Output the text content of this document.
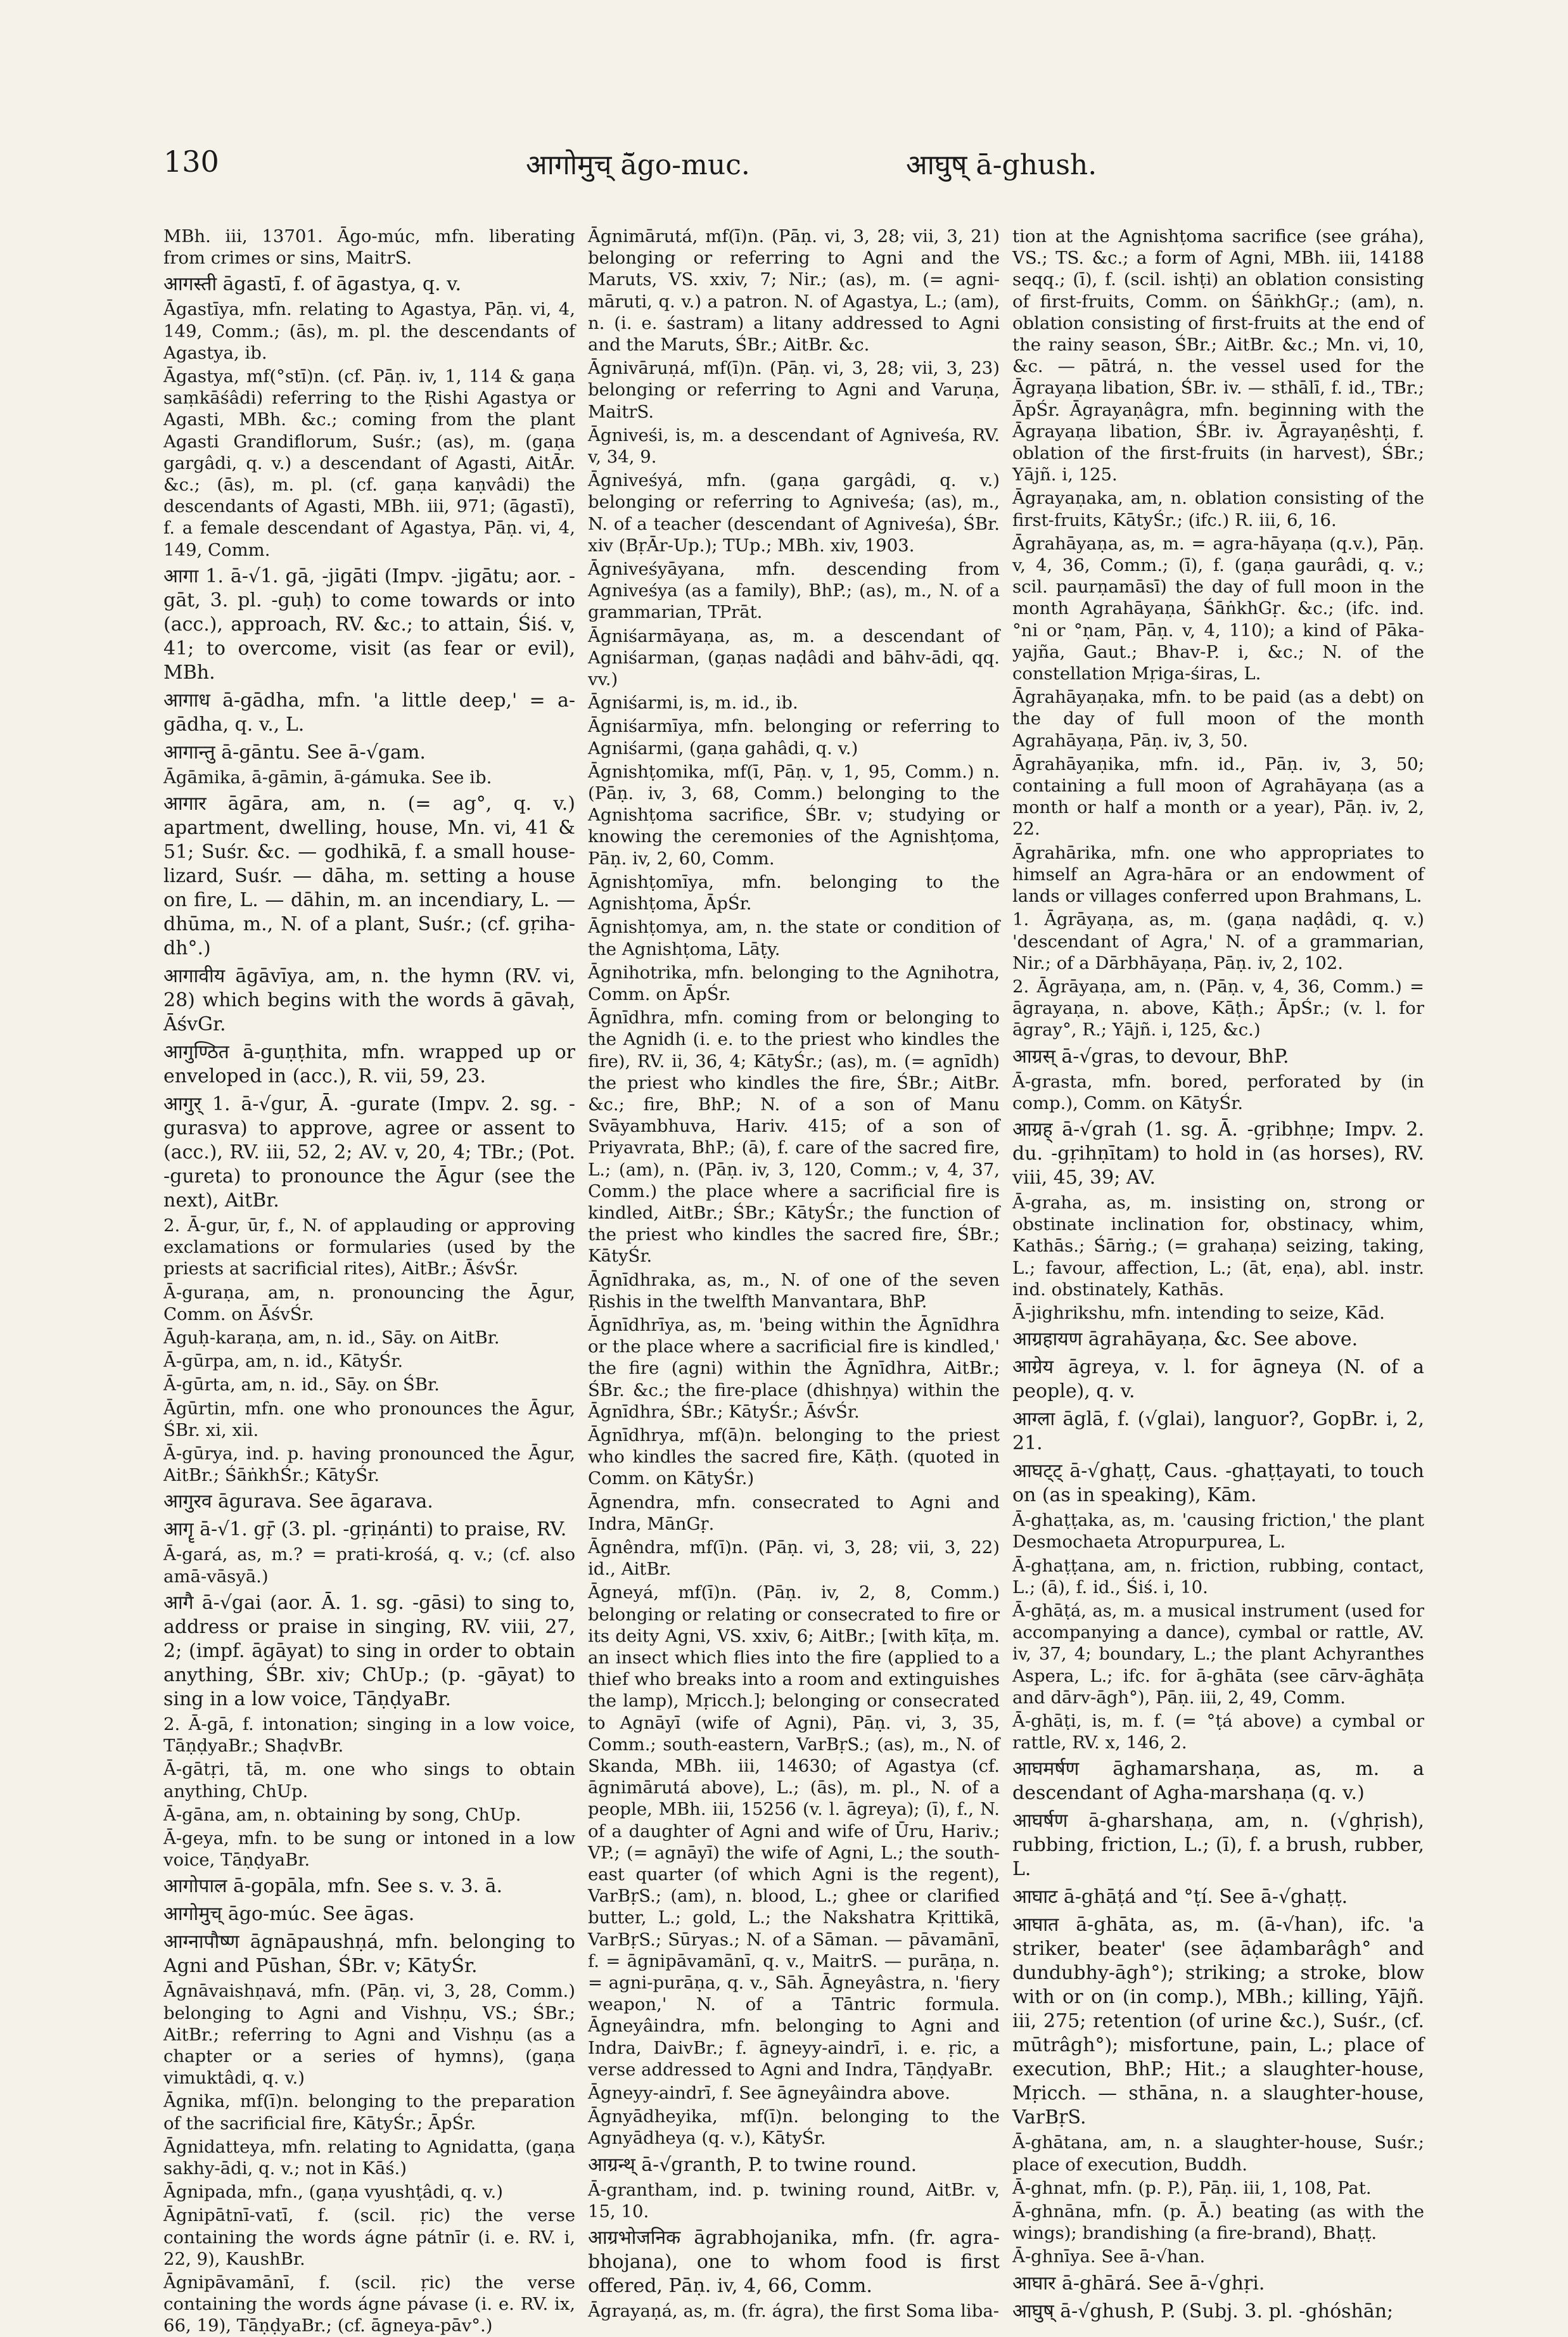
130	आगोमुच् ā̆go-muc.	आघुष् ā-ghush.

MBh. iii, 13701. Āgo-múc, mfn. liberating from crimes or sins, MaitrS.

आगस्ती āgastī, f. of āgastya, q. v.

Āgastīya, mfn. relating to Agastya, Pāṇ. vi, 4, 149, Comm.; (ās), m. pl. the descendants of Agastya, ib.

Āgastya, mf(°stī)n. (cf. Pāṇ. iv, 1, 114 & gaṇa saṃkāśâdi) referring to the Ṛishi Agastya or Agasti, MBh. &c.; coming from the plant Agasti Grandiflorum, Suśr.; (as), m. (gaṇa gargâdi, q. v.) a descendant of Agasti, AitĀr. &c.; (ās), m. pl. (cf. gaṇa kaṇvâdi) the descendants of Agasti, MBh. iii, 971; (āgastī), f. a female descendant of Agastya, Pāṇ. vi, 4, 149, Comm.

आगा 1. ā-√1. gā, -jigāti (Impv. -jigātu; aor. -gāt, 3. pl. -guḥ) to come towards or into (acc.), approach, RV. &c.; to attain, Śiś. v, 41; to overcome, visit (as fear or evil), MBh.

आगाध ā-gādha, mfn. 'a little deep,' = a-gādha, q. v., L.

आगान्तु ā-gāntu. See ā-√gam.

Āgāmika, ā-gāmin, ā-gámuka. See ib.

आगार āgāra, am, n. (= ag°, q. v.) apartment, dwelling, house, Mn. vi, 41 & 51; Suśr. &c. — godhikā, f. a small house-lizard, Suśr. — dāha, m. setting a house on fire, L. — dāhin, m. an incendiary, L. — dhūma, m., N. of a plant, Suśr.; (cf. gṛiha-dh°.)

आगावीय āgāvīya, am, n. the hymn (RV. vi, 28) which begins with the words ā gāvaḥ, ĀśvGr.

आगुण्ठित ā-guṇṭhita, mfn. wrapped up or enveloped in (acc.), R. vii, 59, 23.

आगुर् 1. ā-√gur, Ā. -gurate (Impv. 2. sg. -gurasva) to approve, agree or assent to (acc.), RV. iii, 52, 2; AV. v, 20, 4; TBr.; (Pot. -gureta) to pronounce the Āgur (see the next), AitBr.

2. Ā-gur, ūr, f., N. of applauding or approving exclamations or formularies (used by the priests at sacrificial rites), AitBr.; ĀśvŚr.

Ā-guraṇa, am, n. pronouncing the Āgur, Comm. on ĀśvŚr.

Āguḥ-karaṇa, am, n. id., Sāy. on AitBr.

Ā-gūrpa, am, n. id., KātyŚr.

Ā-gūrta, am, n. id., Sāy. on ŚBr.

Āgūrtin, mfn. one who pronounces the Āgur, ŚBr. xi, xii.

Ā-gūrya, ind. p. having pronounced the Āgur, AitBr.; ŚāṅkhŚr.; KātyŚr.

आगुरव āgurava. See āgarava.

आगॄ ā-√1. gṝ (3. pl. -gṛiṇánti) to praise, RV.

Ā-gará, as, m.? = prati-krośá, q. v.; (cf. also amā-vāsyā.)

आगै ā-√gai (aor. Ā. 1. sg. -gāsi) to sing to, address or praise in singing, RV. viii, 27, 2; (impf. āgāyat) to sing in order to obtain anything, ŚBr. xiv; ChUp.; (p. -gāyat) to sing in a low voice, TāṇḍyaBr.

2. Ā-gā, f. intonation; singing in a low voice, TāṇḍyaBr.; ShaḍvBr.

Ā-gātṛi, tā, m. one who sings to obtain anything, ChUp.

Ā-gāna, am, n. obtaining by song, ChUp.

Ā-geya, mfn. to be sung or intoned in a low voice, TāṇḍyaBr.

आगोपाल ā-gopāla, mfn. See s. v. 3. ā.

आगोमुच् āgo-múc. See āgas.

आग्नापौष्ण āgnāpaushṇá, mfn. belonging to Agni and Pūshan, ŚBr. v; KātyŚr.

Āgnāvaishṇavá, mfn. (Pāṇ. vi, 3, 28, Comm.) belonging to Agni and Vishṇu, VS.; ŚBr.; AitBr.; referring to Agni and Vishṇu (as a chapter or a series of hymns), (gaṇa vimuktâdi, q. v.)

Āgnika, mf(ī)n. belonging to the preparation of the sacrificial fire, KātyŚr.; ĀpŚr.

Āgnidatteya, mfn. relating to Agnidatta, (gaṇa sakhy-ādi, q. v.; not in Kāś.)

Āgnipada, mfn., (gaṇa vyushṭâdi, q. v.)

Āgnipātnī-vatī, f. (scil. ṛic) the verse containing the words ágne pátnīr (i. e. RV. i, 22, 9), KaushBr.

Āgnipāvamānī, f. (scil. ṛic) the verse containing the words ágne pávase (i. e. RV. ix, 66, 19), TāṇḍyaBr.; (cf. āgneya-pāv°.)

Āgnimārutá, mf(ī)n. (Pāṇ. vi, 3, 28; vii, 3, 21) belonging or referring to Agni and the Maruts, VS. xxiv, 7; Nir.; (as), m. (= agni-māruti, q. v.) a patron. N. of Agastya, L.; (am), n. (i. e. śastram) a litany addressed to Agni and the Maruts, ŚBr.; AitBr. &c.

Āgnivāruṇá, mf(ī)n. (Pāṇ. vi, 3, 28; vii, 3, 23) belonging or referring to Agni and Varuṇa, MaitrS.

Āgniveśi, is, m. a descendant of Agniveśa, RV. v, 34, 9.

Āgniveśyá, mfn. (gaṇa gargâdi, q. v.) belonging or referring to Agniveśa; (as), m., N. of a teacher (descendant of Agniveśa), ŚBr. xiv (BṛĀr-Up.); TUp.; MBh. xiv, 1903.

Āgniveśyāyana, mfn. descending from Agniveśya (as a family), BhP.; (as), m., N. of a grammarian, TPrāt.

Āgniśarmāyaṇa, as, m. a descendant of Agniśarman, (gaṇas naḍâdi and bāhv-ādi, qq. vv.)

Āgniśarmi, is, m. id., ib.

Āgniśarmīya, mfn. belonging or referring to Agniśarmi, (gaṇa gahâdi, q. v.)

Āgnishṭomika, mf(ī, Pāṇ. v, 1, 95, Comm.) n. (Pāṇ. iv, 3, 68, Comm.) belonging to the Agnishṭoma sacrifice, ŚBr. v; studying or knowing the ceremonies of the Agnishṭoma, Pāṇ. iv, 2, 60, Comm.

Āgnishṭomīya, mfn. belonging to the Agnishṭoma, ĀpŚr.

Āgnishṭomya, am, n. the state or condition of the Agnishṭoma, Lāṭy.

Āgnihotrika, mfn. belonging to the Agnihotra, Comm. on ĀpŚr.

Āgnīdhra, mfn. coming from or belonging to the Agnidh (i. e. to the priest who kindles the fire), RV. ii, 36, 4; KātyŚr.; (as), m. (= agnīdh) the priest who kindles the fire, ŚBr.; AitBr. &c.; fire, BhP.; N. of a son of Manu Svāyambhuva, Hariv. 415; of a son of Priyavrata, BhP.; (ā), f. care of the sacred fire, L.; (am), n. (Pāṇ. iv, 3, 120, Comm.; v, 4, 37, Comm.) the place where a sacrificial fire is kindled, AitBr.; ŚBr.; KātyŚr.; the function of the priest who kindles the sacred fire, ŚBr.; KātyŚr.

Āgnīdhraka, as, m., N. of one of the seven Ṛishis in the twelfth Manvantara, BhP.

Āgnīdhrīya, as, m. 'being within the Āgnīdhra or the place where a sacrificial fire is kindled,' the fire (agni) within the Āgnīdhra, AitBr.; ŚBr. &c.; the fire-place (dhishṇya) within the Āgnīdhra, ŚBr.; KātyŚr.; ĀśvŚr.

Āgnīdhrya, mf(ā)n. belonging to the priest who kindles the sacred fire, Kāṭh. (quoted in Comm. on KātyŚr.)

Āgnendra, mfn. consecrated to Agni and Indra, MānGṛ.

Āgnêndra, mf(ī)n. (Pāṇ. vi, 3, 28; vii, 3, 22) id., AitBr.

Āgneyá, mf(ī)n. (Pāṇ. iv, 2, 8, Comm.) belonging or relating or consecrated to fire or its deity Agni, VS. xxiv, 6; AitBr.; [with kīṭa, m. an insect which flies into the fire (applied to a thief who breaks into a room and extinguishes the lamp), Mṛicch.]; belonging or consecrated to Agnāyī (wife of Agni), Pāṇ. vi, 3, 35, Comm.; south-eastern, VarBṛS.; (as), m., N. of Skanda, MBh. iii, 14630; of Agastya (cf. āgnimārutá above), L.; (ās), m. pl., N. of a people, MBh. iii, 15256 (v. l. āgreya); (ī), f., N. of a daughter of Agni and wife of Ūru, Hariv.; VP.; (= agnāyī) the wife of Agni, L.; the south-east quarter (of which Agni is the regent), VarBṛS.; (am), n. blood, L.; ghee or clarified butter, L.; gold, L.; the Nakshatra Kṛittikā, VarBṛS.; Sūryas.; N. of a Sāman. — pāvamānī, f. = āgnipāvamānī, q. v., MaitrS. — purāṇa, n. = agni-purāṇa, q. v., Sāh. Āgneyâstra, n. 'fiery weapon,' N. of a Tāntric formula. Āgneyâindra, mfn. belonging to Agni and Indra, DaivBr.; f. āgneyy-aindrī, i. e. ṛic, a verse addressed to Agni and Indra, TāṇḍyaBr.

Āgneyy-aindrī, f. See āgneyâindra above.

Āgnyādheyika, mf(ī)n. belonging to the Agnyādheya (q. v.), KātyŚr.

आग्रन्थ् ā-√granth, P. to twine round.

Ā-grantham, ind. p. twining round, AitBr. v, 15, 10.

आग्रभोजनिक āgrabhojanika, mfn. (fr. agra-bhojana), one to whom food is first offered, Pāṇ. iv, 4, 66, Comm.

Āgrayaṇá, as, m. (fr. ágra), the first Soma liba-

tion at the Agnishṭoma sacrifice (see gráha), VS.; TS. &c.; a form of Agni, MBh. iii, 14188 seqq.; (ī), f. (scil. ishṭi) an oblation consisting of first-fruits, Comm. on ŚāṅkhGṛ.; (am), n. oblation consisting of first-fruits at the end of the rainy season, ŚBr.; AitBr. &c.; Mn. vi, 10, &c. — pātrá, n. the vessel used for the Āgrayaṇa libation, ŚBr. iv. — sthālī, f. id., TBr.; ĀpŚr. Āgrayaṇâgra, mfn. beginning with the Āgrayaṇa libation, ŚBr. iv. Āgrayaṇêshṭi, f. oblation of the first-fruits (in harvest), ŚBr.; Yājñ. i, 125.

Āgrayaṇaka, am, n. oblation consisting of the first-fruits, KātyŚr.; (ifc.) R. iii, 6, 16.

Āgrahāyaṇa, as, m. = agra-hāyaṇa (q.v.), Pāṇ. v, 4, 36, Comm.; (ī), f. (gaṇa gaurâdi, q. v.; scil. paurṇamāsī) the day of full moon in the month Agrahāyaṇa, ŚāṅkhGṛ. &c.; (ifc. ind. °ni or °ṇam, Pāṇ. v, 4, 110); a kind of Pāka-yajña, Gaut.; Bhav-P. i, &c.; N. of the constellation Mṛiga-śiras, L.

Āgrahāyaṇaka, mfn. to be paid (as a debt) on the day of full moon of the month Agrahāyaṇa, Pāṇ. iv, 3, 50.

Āgrahāyaṇika, mfn. id., Pāṇ. iv, 3, 50; containing a full moon of Agrahāyaṇa (as a month or half a month or a year), Pāṇ. iv, 2, 22.

Āgrahārika, mfn. one who appropriates to himself an Agra-hāra or an endowment of lands or villages conferred upon Brahmans, L.

1. Āgrāyaṇa, as, m. (gaṇa naḍâdi, q. v.) 'descendant of Agra,' N. of a grammarian, Nir.; of a Dārbhāyaṇa, Pāṇ. iv, 2, 102.

2. Āgrāyaṇa, am, n. (Pāṇ. v, 4, 36, Comm.) = āgrayaṇa, n. above, Kāṭh.; ĀpŚr.; (v. l. for āgray°, R.; Yājñ. i, 125, &c.)

आग्रस् ā-√gras, to devour, BhP.

Ā-grasta, mfn. bored, perforated by (in comp.), Comm. on KātyŚr.

आग्रह् ā-√grah (1. sg. Ā. -gṛibhṇe; Impv. 2. du. -gṛihṇītam) to hold in (as horses), RV. viii, 45, 39; AV.

Ā-graha, as, m. insisting on, strong or obstinate inclination for, obstinacy, whim, Kathās.; Śārṅg.; (= grahaṇa) seizing, taking, L.; favour, affection, L.; (āt, eṇa), abl. instr. ind. obstinately, Kathās.

Ā-jighrikshu, mfn. intending to seize, Kād.

आग्रहायण āgrahāyaṇa, &c. See above.

आग्रेय āgreya, v. l. for āgneya (N. of a people), q. v.

आग्ला āglā, f. (√glai), languor?, GopBr. i, 2, 21.

आघट्ट् ā-√ghaṭṭ, Caus. -ghaṭṭayati, to touch on (as in speaking), Kām.

Ā-ghaṭṭaka, as, m. 'causing friction,' the plant Desmochaeta Atropurpurea, L.

Ā-ghaṭṭana, am, n. friction, rubbing, contact, L.; (ā), f. id., Śiś. i, 10.

Ā-ghāṭá, as, m. a musical instrument (used for accompanying a dance), cymbal or rattle, AV. iv, 37, 4; boundary, L.; the plant Achyranthes Aspera, L.; ifc. for ā-ghāta (see cārv-āghāṭa and dārv-āgh°), Pāṇ. iii, 2, 49, Comm.

Ā-ghāṭi, is, m. f. (= °ṭá above) a cymbal or rattle, RV. x, 146, 2.

आघमर्षण āghamarshaṇa, as, m. a descendant of Agha-marshaṇa (q. v.)

आघर्षण ā-gharshaṇa, am, n. (√ghṛish), rubbing, friction, L.; (ī), f. a brush, rubber, L.

आघाट ā-ghāṭá and °ṭí. See ā-√ghaṭṭ.

आघात ā-ghāta, as, m. (ā-√han), ifc. 'a striker, beater' (see āḍambarâgh° and dundubhy-āgh°); striking; a stroke, blow with or on (in comp.), MBh.; killing, Yājñ. iii, 275; retention (of urine &c.), Suśr., (cf. mūtrâgh°); misfortune, pain, L.; place of execution, BhP.; Hit.; a slaughter-house, Mṛicch. — sthāna, n. a slaughter-house, VarBṛS.

Ā-ghātana, am, n. a slaughter-house, Suśr.; place of execution, Buddh.

Ā-ghnat, mfn. (p. P.), Pāṇ. iii, 1, 108, Pat.

Ā-ghnāna, mfn. (p. Ā.) beating (as with the wings); brandishing (a fire-brand), Bhaṭṭ.

Ā-ghnīya. See ā-√han.

आघार ā-ghārá. See ā-√ghṛi.

आघुष् ā-√ghush, P. (Subj. 3. pl. -ghóshān;
